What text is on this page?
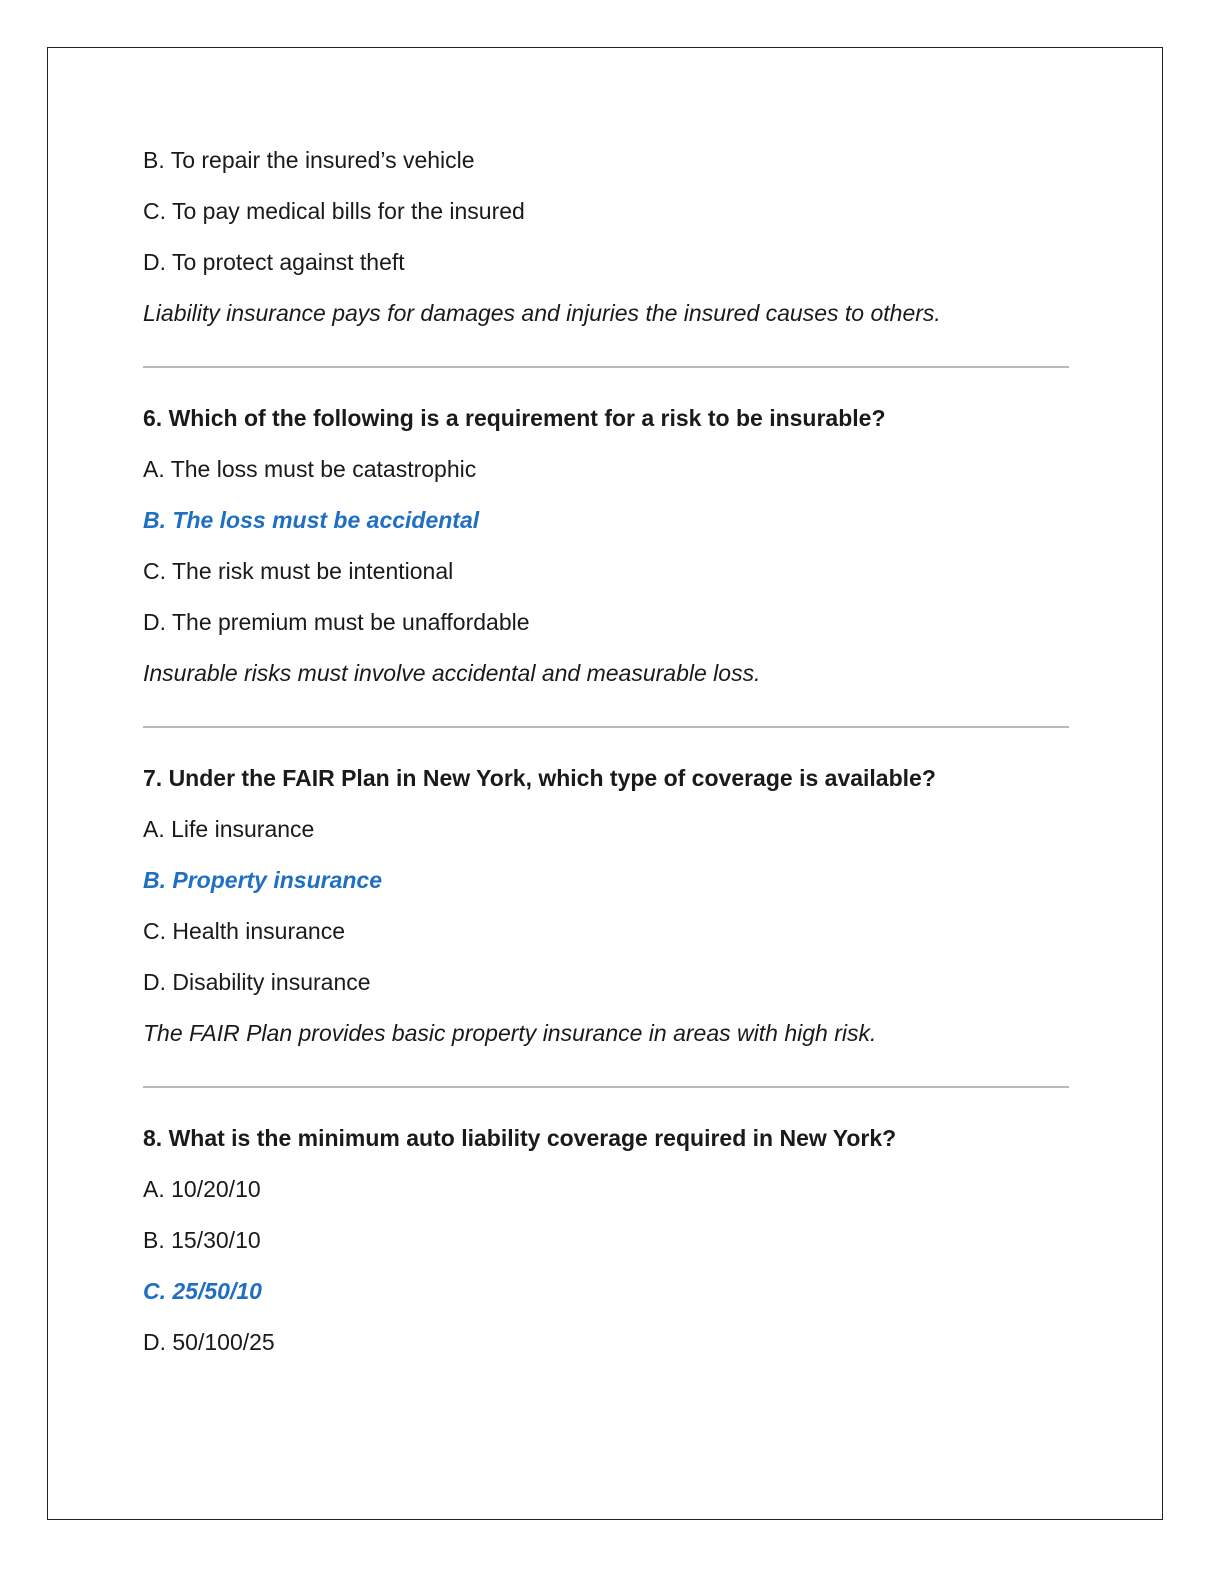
B. To repair the insured’s vehicle
C. To pay medical bills for the insured
D. To protect against theft
Liability insurance pays for damages and injuries the insured causes to others.
6. Which of the following is a requirement for a risk to be insurable?
A. The loss must be catastrophic
B. The loss must be accidental
C. The risk must be intentional
D. The premium must be unaffordable
Insurable risks must involve accidental and measurable loss.
7. Under the FAIR Plan in New York, which type of coverage is available?
A. Life insurance
B. Property insurance
C. Health insurance
D. Disability insurance
The FAIR Plan provides basic property insurance in areas with high risk.
8. What is the minimum auto liability coverage required in New York?
A. 10/20/10
B. 15/30/10
C. 25/50/10
D. 50/100/25
